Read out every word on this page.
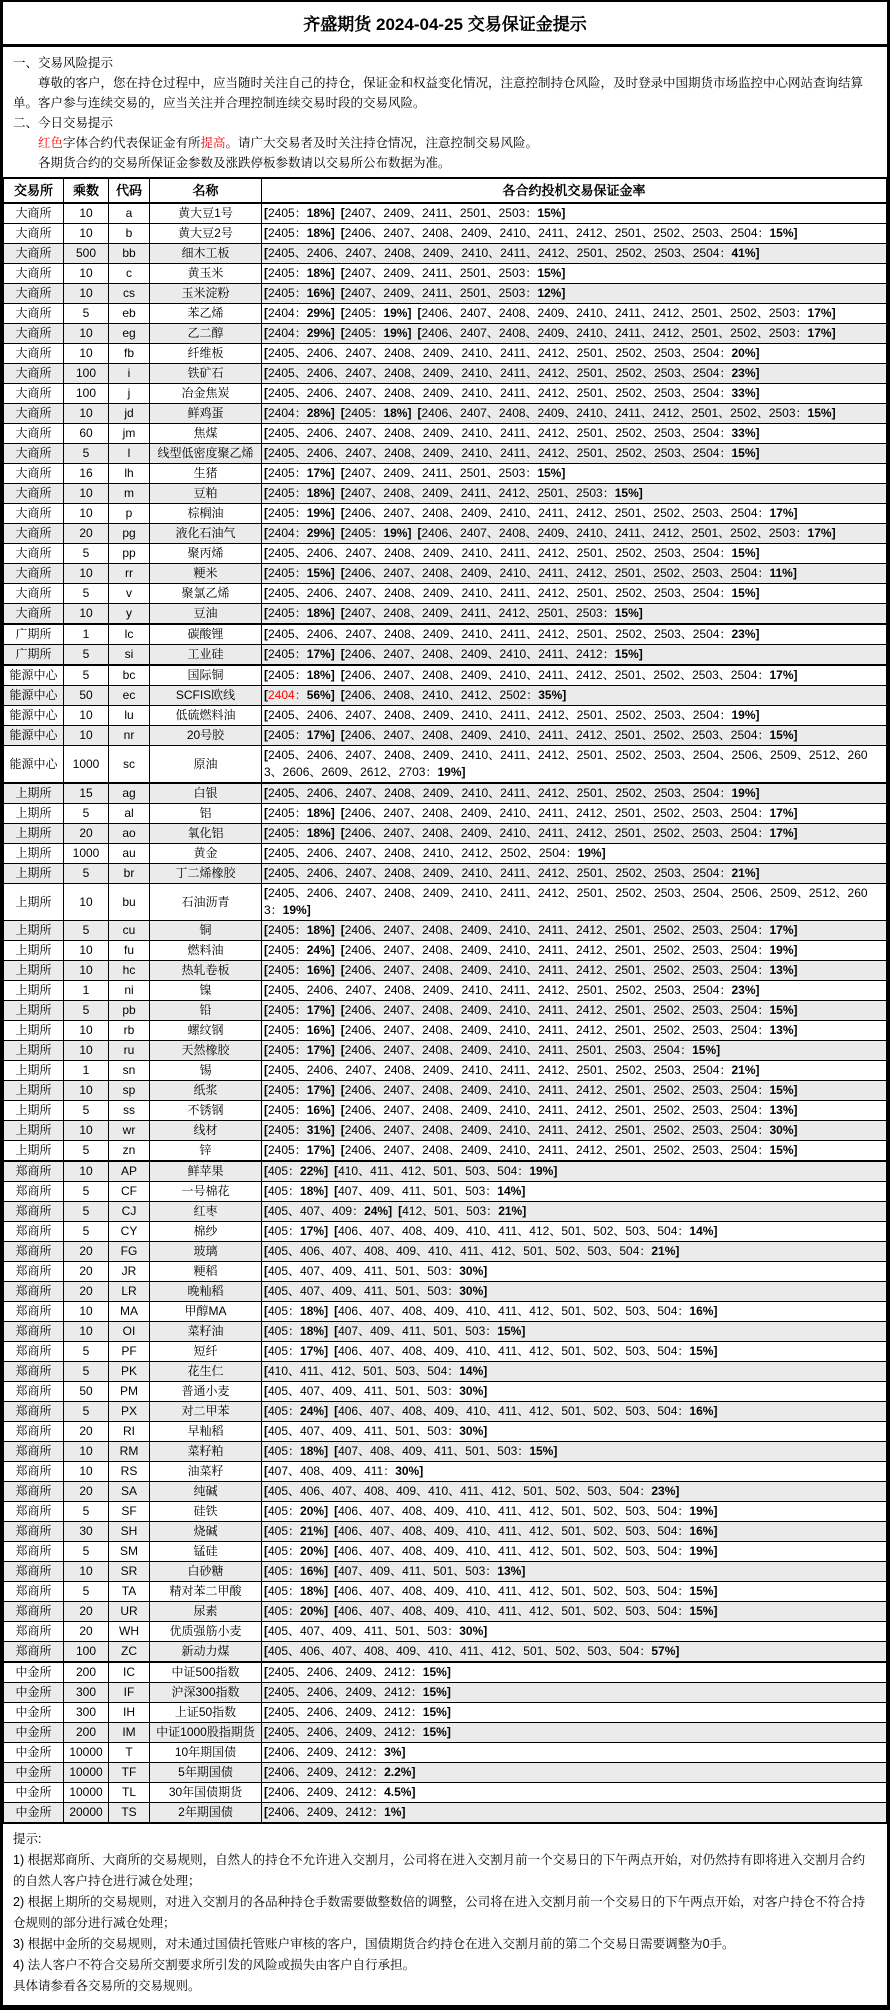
齐盛期货 2024-04-25 交易保证金提示
一、交易风险提示

尊敬的客户，您在持仓过程中，应当随时关注自己的持仓，保证金和权益变化情况，注意控制持仓风险，及时登录中国期货市场监控中心网站查询结算单。客户参与连续交易的，应当关注并合理控制连续交易时段的交易风险。

二、今日交易提示

红色字体合约代表保证金有所提高。请广大交易者及时关注持仓情况，注意控制交易风险。

各期货合约的交易所保证金参数及涨跌停板参数请以交易所公布数据为准。

交易所	乘数	代码	名称	各合约投机交易保证金率
大商所	10	a	黄大豆1号	[2405：18%] [2407、2409、2411、2501、2503：15%]
大商所	10	b	黄大豆2号	[2405：18%] [2406、2407、2408、2409、2410、2411、2412、2501、2502、2503、2504：15%]
大商所	500	bb	细木工板	[2405、2406、2407、2408、2409、2410、2411、2412、2501、2502、2503、2504：41%]
大商所	10	c	黄玉米	[2405：18%] [2407、2409、2411、2501、2503：15%]
大商所	10	cs	玉米淀粉	[2405：16%] [2407、2409、2411、2501、2503：12%]
大商所	5	eb	苯乙烯	[2404：29%] [2405：19%] [2406、2407、2408、2409、2410、2411、2412、2501、2502、2503：17%]
大商所	10	eg	乙二醇	[2404：29%] [2405：19%] [2406、2407、2408、2409、2410、2411、2412、2501、2502、2503：17%]
大商所	10	fb	纤维板	[2405、2406、2407、2408、2409、2410、2411、2412、2501、2502、2503、2504：20%]
大商所	100	i	铁矿石	[2405、2406、2407、2408、2409、2410、2411、2412、2501、2502、2503、2504：23%]
大商所	100	j	冶金焦炭	[2405、2406、2407、2408、2409、2410、2411、2412、2501、2502、2503、2504：33%]
大商所	10	jd	鲜鸡蛋	[2404：28%] [2405：18%] [2406、2407、2408、2409、2410、2411、2412、2501、2502、2503：15%]
大商所	60	jm	焦煤	[2405、2406、2407、2408、2409、2410、2411、2412、2501、2502、2503、2504：33%]
大商所	5	l	线型低密度聚乙烯	[2405、2406、2407、2408、2409、2410、2411、2412、2501、2502、2503、2504：15%]
大商所	16	lh	生猪	[2405：17%] [2407、2409、2411、2501、2503：15%]
大商所	10	m	豆粕	[2405：18%] [2407、2408、2409、2411、2412、2501、2503：15%]
大商所	10	p	棕榈油	[2405：19%] [2406、2407、2408、2409、2410、2411、2412、2501、2502、2503、2504：17%]
大商所	20	pg	液化石油气	[2404：29%] [2405：19%] [2406、2407、2408、2409、2410、2411、2412、2501、2502、2503：17%]
大商所	5	pp	聚丙烯	[2405、2406、2407、2408、2409、2410、2411、2412、2501、2502、2503、2504：15%]
大商所	10	rr	粳米	[2405：15%] [2406、2407、2408、2409、2410、2411、2412、2501、2502、2503、2504：11%]
大商所	5	v	聚氯乙烯	[2405、2406、2407、2408、2409、2410、2411、2412、2501、2502、2503、2504：15%]
大商所	10	y	豆油	[2405：18%] [2407、2408、2409、2411、2412、2501、2503：15%]
广期所	1	lc	碳酸锂	[2405、2406、2407、2408、2409、2410、2411、2412、2501、2502、2503、2504：23%]
广期所	5	si	工业硅	[2405：17%] [2406、2407、2408、2409、2410、2411、2412：15%]
能源中心	5	bc	国际铜	[2405：18%] [2406、2407、2408、2409、2410、2411、2412、2501、2502、2503、2504：17%]
能源中心	50	ec	SCFIS欧线	[2404：56%] [2406、2408、2410、2412、2502：35%]
能源中心	10	lu	低硫燃料油	[2405、2406、2407、2408、2409、2410、2411、2412、2501、2502、2503、2504：19%]
能源中心	10	nr	20号胶	[2405：17%] [2406、2407、2408、2409、2410、2411、2412、2501、2502、2503、2504：15%]
能源中心	1000	sc	原油	[2405、2406、2407、2408、2409、2410、2411、2412、2501、2502、2503、2504、2506、2509、2512、2603、2606、2609、2612、2703：19%]
上期所	15	ag	白银	[2405、2406、2407、2408、2409、2410、2411、2412、2501、2502、2503、2504：19%]
上期所	5	al	铝	[2405：18%] [2406、2407、2408、2409、2410、2411、2412、2501、2502、2503、2504：17%]
上期所	20	ao	氧化铝	[2405：18%] [2406、2407、2408、2409、2410、2411、2412、2501、2502、2503、2504：17%]
上期所	1000	au	黄金	[2405、2406、2407、2408、2410、2412、2502、2504：19%]
上期所	5	br	丁二烯橡胶	[2405、2406、2407、2408、2409、2410、2411、2412、2501、2502、2503、2504：21%]
上期所	10	bu	石油沥青	[2405、2406、2407、2408、2409、2410、2411、2412、2501、2502、2503、2504、2506、2509、2512、2603：19%]
上期所	5	cu	铜	[2405：18%] [2406、2407、2408、2409、2410、2411、2412、2501、2502、2503、2504：17%]
上期所	10	fu	燃料油	[2405：24%] [2406、2407、2408、2409、2410、2411、2412、2501、2502、2503、2504：19%]
上期所	10	hc	热轧卷板	[2405：16%] [2406、2407、2408、2409、2410、2411、2412、2501、2502、2503、2504：13%]
上期所	1	ni	镍	[2405、2406、2407、2408、2409、2410、2411、2412、2501、2502、2503、2504：23%]
上期所	5	pb	铅	[2405：17%] [2406、2407、2408、2409、2410、2411、2412、2501、2502、2503、2504：15%]
上期所	10	rb	螺纹钢	[2405：16%] [2406、2407、2408、2409、2410、2411、2412、2501、2502、2503、2504：13%]
上期所	10	ru	天然橡胶	[2405：17%] [2406、2407、2408、2409、2410、2411、2501、2503、2504：15%]
上期所	1	sn	锡	[2405、2406、2407、2408、2409、2410、2411、2412、2501、2502、2503、2504：21%]
上期所	10	sp	纸浆	[2405：17%] [2406、2407、2408、2409、2410、2411、2412、2501、2502、2503、2504：15%]
上期所	5	ss	不锈钢	[2405：16%] [2406、2407、2408、2409、2410、2411、2412、2501、2502、2503、2504：13%]
上期所	10	wr	线材	[2405：31%] [2406、2407、2408、2409、2410、2411、2412、2501、2502、2503、2504：30%]
上期所	5	zn	锌	[2405：17%] [2406、2407、2408、2409、2410、2411、2412、2501、2502、2503、2504：15%]
郑商所	10	AP	鲜苹果	[405：22%] [410、411、412、501、503、504：19%]
郑商所	5	CF	一号棉花	[405：18%] [407、409、411、501、503：14%]
郑商所	5	CJ	红枣	[405、407、409：24%] [412、501、503：21%]
郑商所	5	CY	棉纱	[405：17%] [406、407、408、409、410、411、412、501、502、503、504：14%]
郑商所	20	FG	玻璃	[405、406、407、408、409、410、411、412、501、502、503、504：21%]
郑商所	20	JR	粳稻	[405、407、409、411、501、503：30%]
郑商所	20	LR	晚籼稻	[405、407、409、411、501、503：30%]
郑商所	10	MA	甲醇MA	[405：18%] [406、407、408、409、410、411、412、501、502、503、504：16%]
郑商所	10	OI	菜籽油	[405：18%] [407、409、411、501、503：15%]
郑商所	5	PF	短纤	[405：17%] [406、407、408、409、410、411、412、501、502、503、504：15%]
郑商所	5	PK	花生仁	[410、411、412、501、503、504：14%]
郑商所	50	PM	普通小麦	[405、407、409、411、501、503：30%]
郑商所	5	PX	对二甲苯	[405：24%] [406、407、408、409、410、411、412、501、502、503、504：16%]
郑商所	20	RI	早籼稻	[405、407、409、411、501、503：30%]
郑商所	10	RM	菜籽粕	[405：18%] [407、408、409、411、501、503：15%]
郑商所	10	RS	油菜籽	[407、408、409、411：30%]
郑商所	20	SA	纯碱	[405、406、407、408、409、410、411、412、501、502、503、504：23%]
郑商所	5	SF	硅铁	[405：20%] [406、407、408、409、410、411、412、501、502、503、504：19%]
郑商所	30	SH	烧碱	[405：21%] [406、407、408、409、410、411、412、501、502、503、504：16%]
郑商所	5	SM	锰硅	[405：20%] [406、407、408、409、410、411、412、501、502、503、504：19%]
郑商所	10	SR	白砂糖	[405：16%] [407、409、411、501、503：13%]
郑商所	5	TA	精对苯二甲酸	[405：18%] [406、407、408、409、410、411、412、501、502、503、504：15%]
郑商所	20	UR	尿素	[405：20%] [406、407、408、409、410、411、412、501、502、503、504：15%]
郑商所	20	WH	优质强筋小麦	[405、407、409、411、501、503：30%]
郑商所	100	ZC	新动力煤	[405、406、407、408、409、410、411、412、501、502、503、504：57%]
中金所	200	IC	中证500指数	[2405、2406、2409、2412：15%]
中金所	300	IF	沪深300指数	[2405、2406、2409、2412：15%]
中金所	300	IH	上证50指数	[2405、2406、2409、2412：15%]
中金所	200	IM	中证1000股指期货	[2405、2406、2409、2412：15%]
中金所	10000	T	10年期国债	[2406、2409、2412：3%]
中金所	10000	TF	5年期国债	[2406、2409、2412：2.2%]
中金所	10000	TL	30年国债期货	[2406、2409、2412：4.5%]
中金所	20000	TS	2年期国债	[2406、2409、2412：1%]

提示:

1) 根据郑商所、大商所的交易规则，自然人的持仓不允许进入交割月，公司将在进入交割月前一个交易日的下午两点开始，对仍然持有即将进入交割月合约的自然人客户持仓进行减仓处理；

2) 根据上期所的交易规则，对进入交割月的各品种持仓手数需要做整数倍的调整，公司将在进入交割月前一个交易日的下午两点开始，对客户持仓不符合持仓规则的部分进行减仓处理；

3) 根据中金所的交易规则，对未通过国债托管账户审核的客户，国债期货合约持仓在进入交割月前的第二个交易日需要调整为0手。

4) 法人客户不符合交易所交割要求所引发的风险或损失由客户自行承担。

具体请参看各交易所的交易规则。
